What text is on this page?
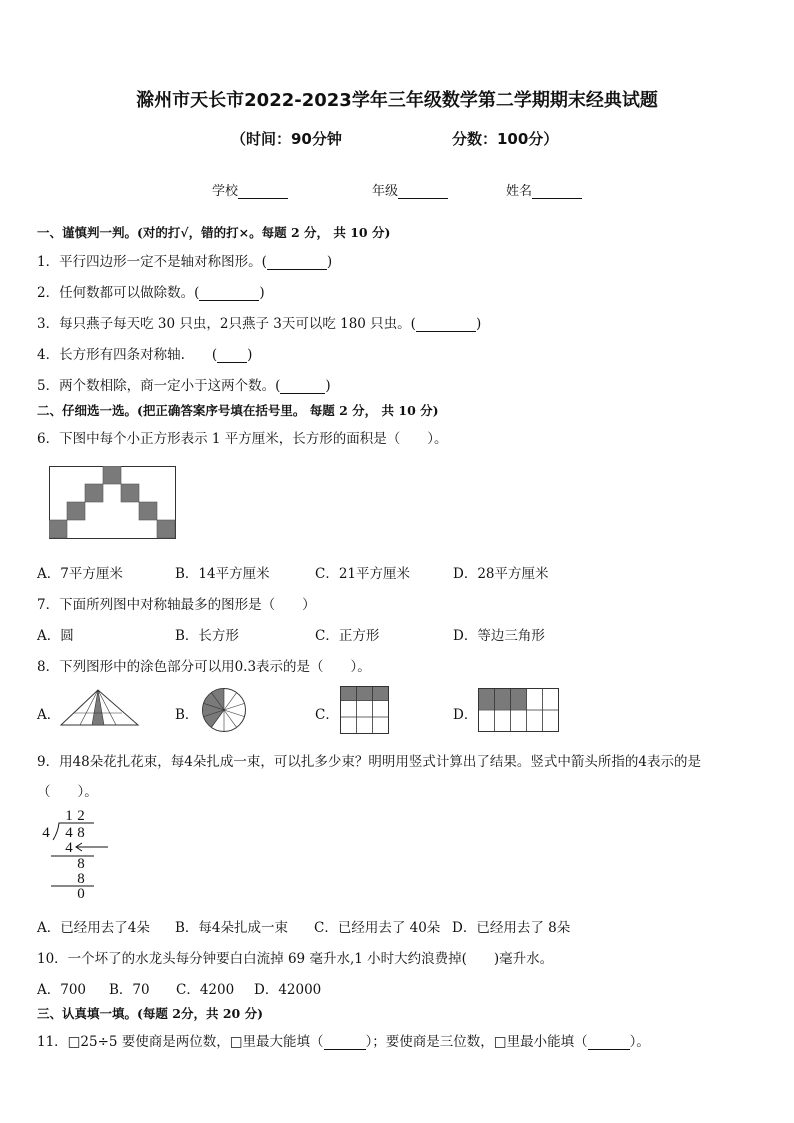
滁州市天长市2022-2023学年三年级数学第二学期期末经典试题
（时间：90分钟	分数：100分）
学校	年级	姓名
一、谨慎判一判。(对的打√，错的打×。每题 2 分， 共 10 分)
1．平行四边形一定不是轴对称图形。(	)
2．任何数都可以做除数。(	)
3．每只燕子每天吃 30 只虫，2只燕子 3天可以吃 180 只虫。(	)
4．长方形有四条对称轴.　　( )
5．两个数相除，商一定小于这两个数。(	)
二、仔细选一选。(把正确答案序号填在括号里。 每题 2 分， 共 10 分)
6．下图中每个小正方形表示 1 平方厘米，长方形的面积是（　　）。
A．7平方厘米	B．14平方厘米	C．21平方厘米	D．28平方厘米
7．下面所列图中对称轴最多的图形是（　　）
A．圆	B．长方形	C．正方形	D．等边三角形
8．下列图形中的涂色部分可以用0.3表示的是（　　）。
A．	B．	C．	D．
9．用48朵花扎花束，每4朵扎成一束，可以扎多少束？明明用竖式计算出了结果。竖式中箭头所指的4表示的是
（　　）。
1 2
4 4 8
4
8
8
0
A．已经用去了4朵 B．每4朵扎成一束 C．已经用去了 40朵 D．已经用去了 8朵
10．一个坏了的水龙头每分钟要白白流掉 69 毫升水,1 小时大约浪费掉(　　)毫升水。
A．700 B．70 C．4200 D．42000
三、认真填一填。(每题 2分，共 20 分)
11．□25÷5 要使商是两位数，□里最大能填（	）；要使商是三位数，□里最小能填（	）。
